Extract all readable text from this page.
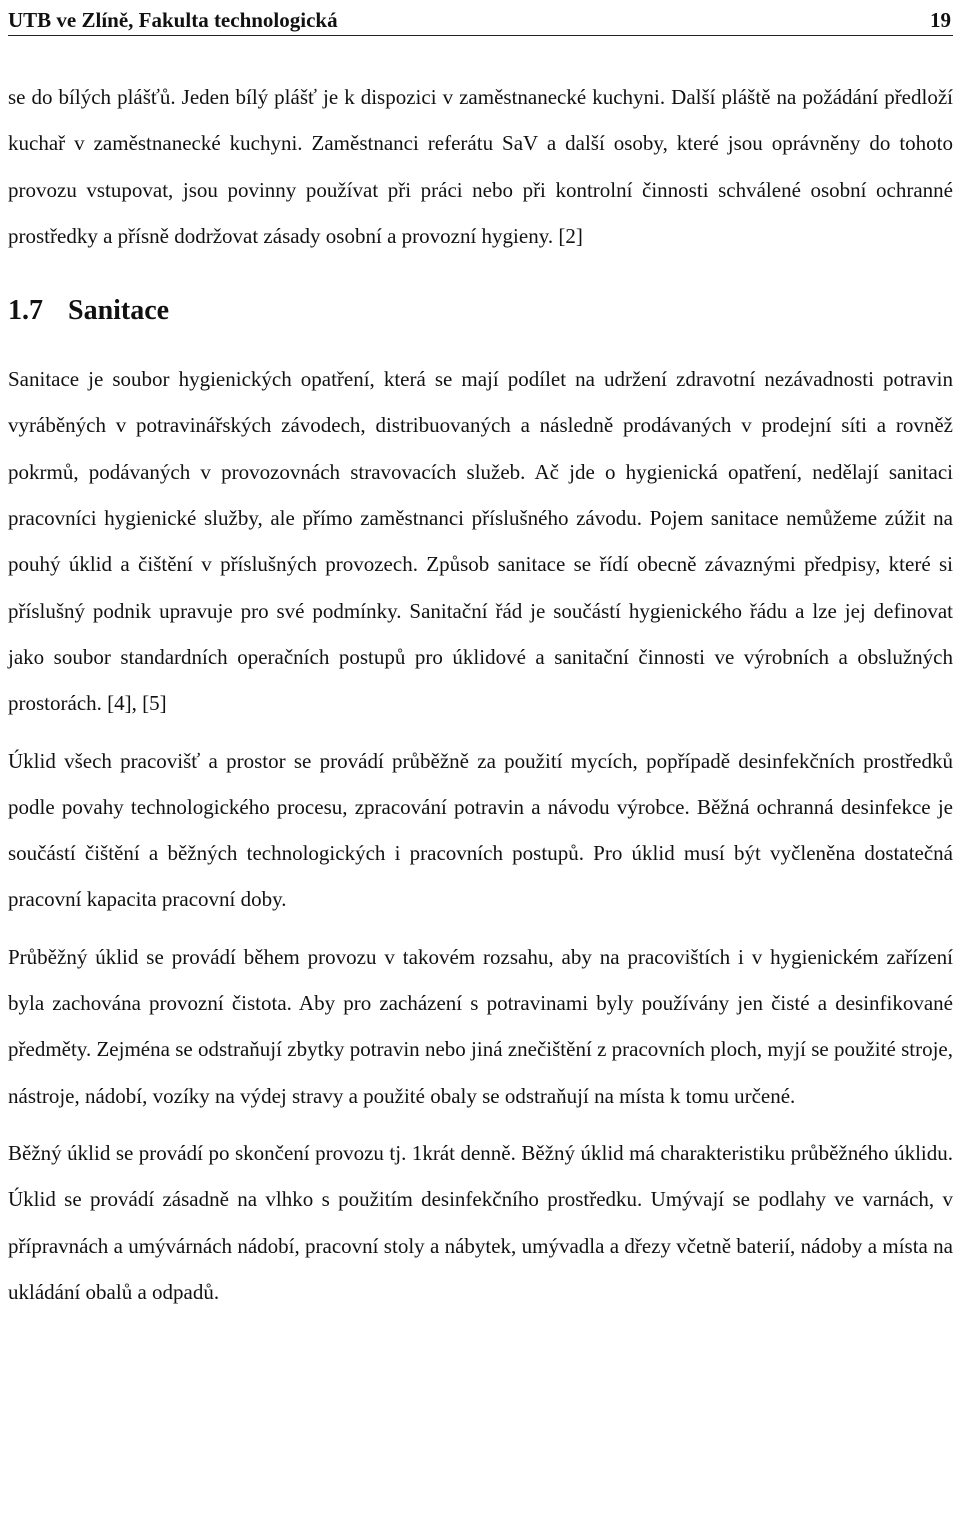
UTB ve Zlíně, Fakulta technologická	19

se do bílých plášťů. Jeden bílý plášť je k dispozici v zaměstnanecké kuchyni. Další pláště na požádání předloží kuchař v zaměstnanecké kuchyni. Zaměstnanci referátu SaV a další osoby, které jsou oprávněny do tohoto provozu vstupovat, jsou povinny používat při práci nebo při kontrolní činnosti schválené osobní ochranné prostředky a přísně dodržovat zásady osobní a provozní hygieny. [2]

1.7 Sanitace

Sanitace je soubor hygienických opatření, která se mají podílet na udržení zdravotní nezávadnosti potravin vyráběných v potravinářských závodech, distribuovaných a následně prodávaných v prodejní síti a rovněž pokrmů, podávaných v provozovnách stravovacích služeb. Ač jde o hygienická opatření, nedělají sanitaci pracovníci hygienické služby, ale přímo zaměstnanci příslušného závodu. Pojem sanitace nemůžeme zúžit na pouhý úklid a čištění v příslušných provozech. Způsob sanitace se řídí obecně závaznými předpisy, které si příslušný podnik upravuje pro své podmínky. Sanitační řád je součástí hygienického řádu a lze jej definovat jako soubor standardních operačních postupů pro úklidové a sanitační činnosti ve výrobních a obslužných prostorách. [4], [5]

Úklid všech pracovišť a prostor se provádí průběžně za použití mycích, popřípadě desinfekčních prostředků podle povahy technologického procesu, zpracování potravin a návodu výrobce. Běžná ochranná desinfekce je součástí čištění a běžných technologických i pracovních postupů. Pro úklid musí být vyčleněna dostatečná pracovní kapacita pracovní doby.

Průběžný úklid se provádí během provozu v takovém rozsahu, aby na pracovištích i v hygienickém zařízení byla zachována provozní čistota. Aby pro zacházení s potravinami byly používány jen čisté a desinfikované předměty. Zejména se odstraňují zbytky potravin nebo jiná znečištění z pracovních ploch, myjí se použité stroje, nástroje, nádobí, vozíky na výdej stravy a použité obaly se odstraňují na místa k tomu určené.

Běžný úklid se provádí po skončení provozu tj. 1krát denně. Běžný úklid má charakteristiku průběžného úklidu. Úklid se provádí zásadně na vlhko s použitím desinfekčního prostředku. Umývají se podlahy ve varnách, v přípravnách a umývárnách nádobí, pracovní stoly a nábytek, umývadla a dřezy včetně baterií, nádoby a místa na ukládání obalů a odpadů.
